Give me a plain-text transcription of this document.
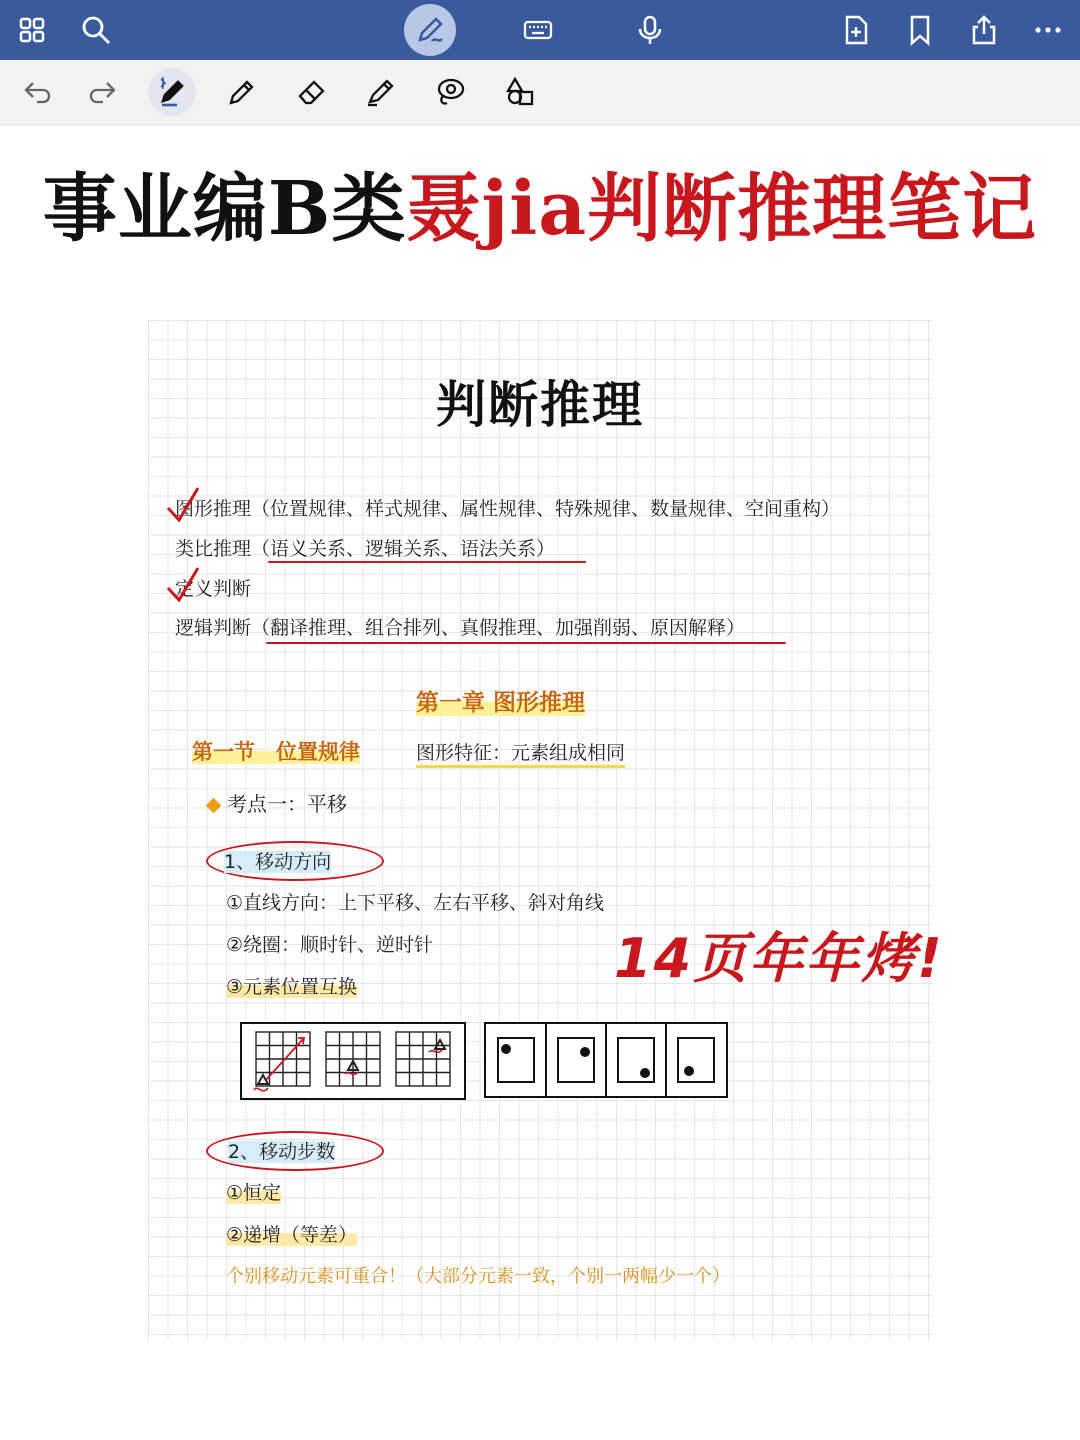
事业编B类聂jia判断推理笔记
判断推理
图形推理（位置规律、样式规律、属性规律、特殊规律、数量规律、空间重构）
类比推理（语义关系、逻辑关系、语法关系）
定义判断
逻辑判断（翻译推理、组合排列、真假推理、加强削弱、原因解释）
第一章 图形推理
第一节　位置规律	图形特征：元素组成相同
考点一：平移
1、移动方向
①直线方向：上下平移、左右平移、斜对角线
②绕圈：顺时针、逆时针
③元素位置互换
2、移动步数
①恒定
②递增（等差）
个别移动元素可重合！（大部分元素一致，个别一两幅少一个）
14页年年烤!
